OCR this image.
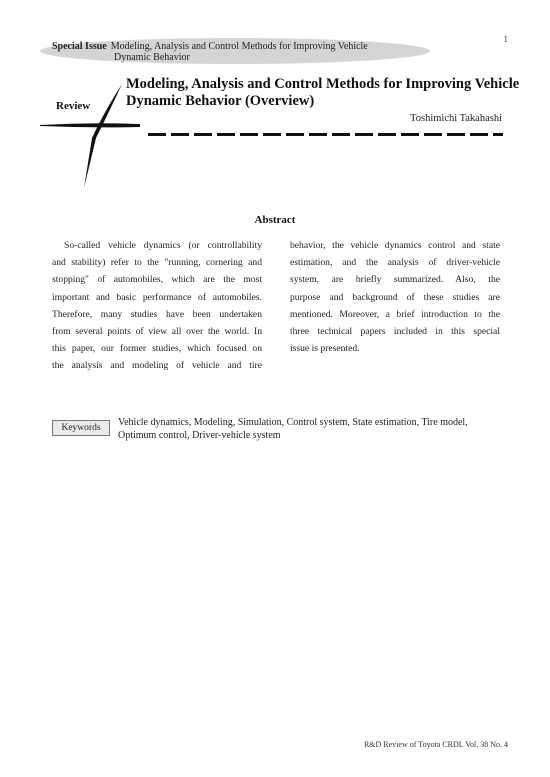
1
Special Issue Modeling, Analysis and Control Methods for Improving Vehicle
Dynamic Behavior
Modeling, Analysis and Control Methods for Improving Vehicle
Dynamic Behavior (Overview)
Review
Toshimichi Takahashi
Abstract

So-called vehicle dynamics (or controllability

and stability) refer to the "running, cornering and

stopping" of automobiles, which are the most

important and basic performance of automobiles.

Therefore, many studies have been undertaken

from several points of view all over the world. In

this paper, our former studies, which focused on

the analysis and modeling of vehicle and tire

behavior, the vehicle dynamics control and state

estimation, and the analysis of driver-vehicle

system, are briefly summarized. Also, the

purpose and background of these studies are

mentioned. Moreover, a brief introduction to the

three technical papers included in this special

issue is presented.

Keywords	Vehicle dynamics, Modeling, Simulation, Control system, State estimation, Tire model,
Optimum control, Driver-vehicle system
R&D Review of Toyota CRDL Vol. 38 No. 4
